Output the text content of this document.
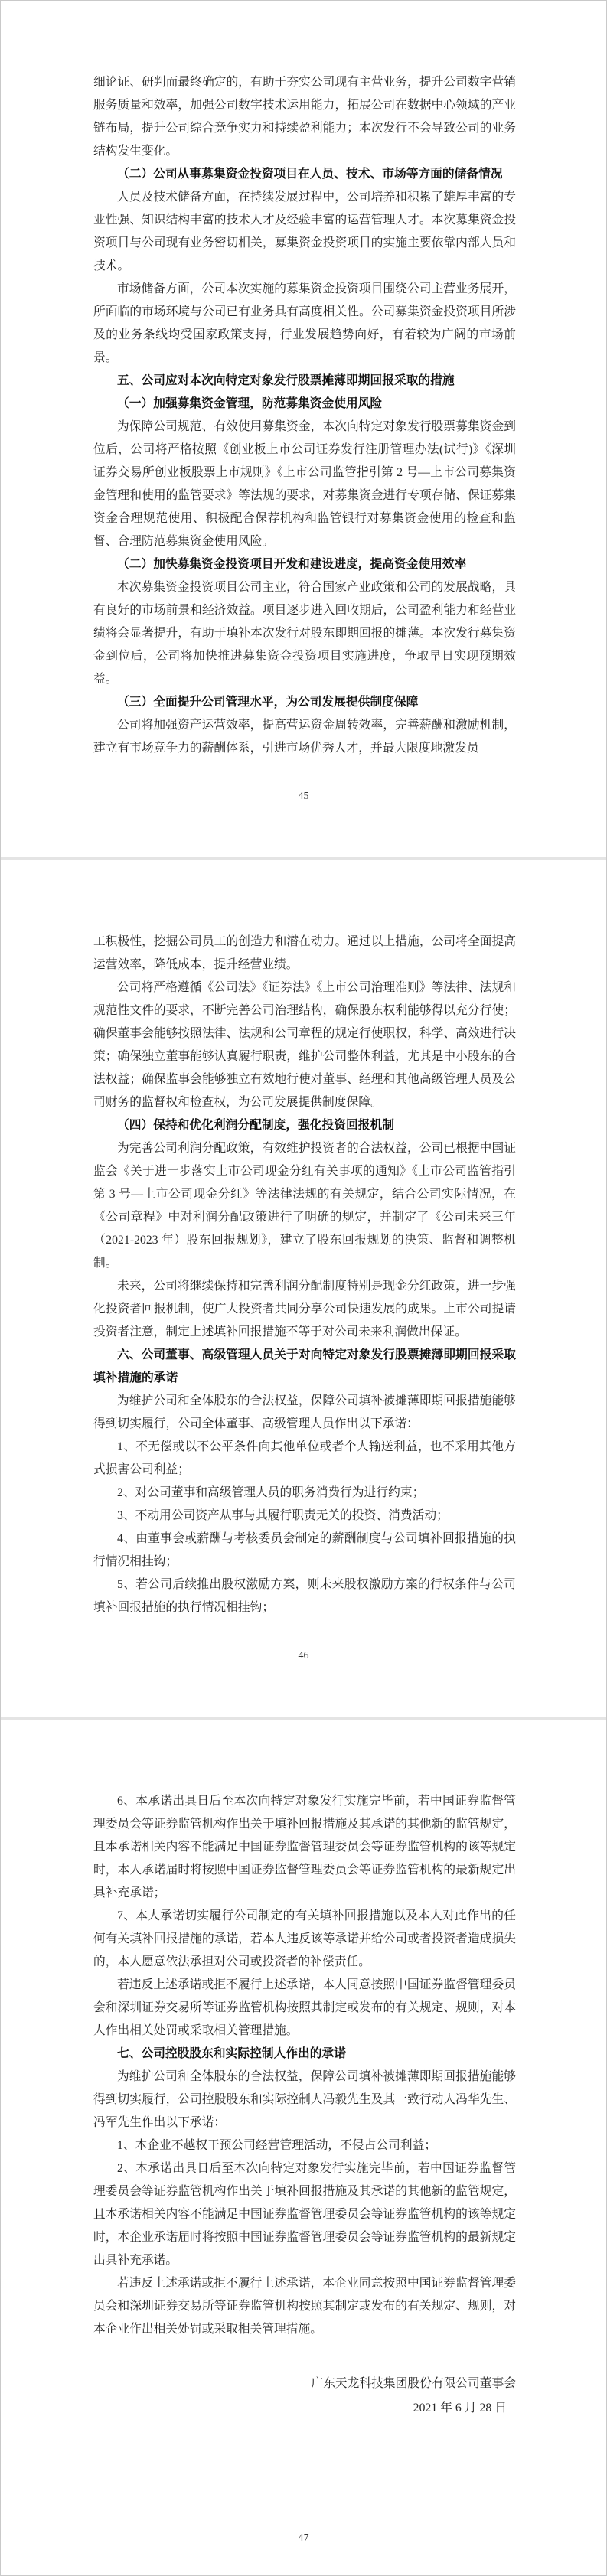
细论证、研判而最终确定的，有助于夯实公司现有主营业务，提升公司数字营销服务质量和效率，加强公司数字技术运用能力，拓展公司在数据中心领域的产业链布局，提升公司综合竞争实力和持续盈利能力；本次发行不会导致公司的业务结构发生变化。

（二）公司从事募集资金投资项目在人员、技术、市场等方面的储备情况

人员及技术储备方面，在持续发展过程中，公司培养和积累了雄厚丰富的专业性强、知识结构丰富的技术人才及经验丰富的运营管理人才。本次募集资金投资项目与公司现有业务密切相关，募集资金投资项目的实施主要依靠内部人员和技术。

市场储备方面，公司本次实施的募集资金投资项目围绕公司主营业务展开，所面临的市场环境与公司已有业务具有高度相关性。公司募集资金投资项目所涉及的业务条线均受国家政策支持，行业发展趋势向好，有着较为广阔的市场前景。

五、公司应对本次向特定对象发行股票摊薄即期回报采取的措施

（一）加强募集资金管理，防范募集资金使用风险

为保障公司规范、有效使用募集资金，本次向特定对象发行股票募集资金到位后，公司将严格按照《创业板上市公司证券发行注册管理办法(试行)》《深圳证券交易所创业板股票上市规则》《上市公司监管指引第 2 号—上市公司募集资金管理和使用的监管要求》等法规的要求，对募集资金进行专项存储、保证募集资金合理规范使用、积极配合保荐机构和监管银行对募集资金使用的检查和监督、合理防范募集资金使用风险。

（二）加快募集资金投资项目开发和建设进度，提高资金使用效率

本次募集资金投资项目公司主业，符合国家产业政策和公司的发展战略，具有良好的市场前景和经济效益。项目逐步进入回收期后，公司盈利能力和经营业绩将会显著提升，有助于填补本次发行对股东即期回报的摊薄。本次发行募集资金到位后，公司将加快推进募集资金投资项目实施进度，争取早日实现预期效益。

（三）全面提升公司管理水平，为公司发展提供制度保障

公司将加强资产运营效率，提高营运资金周转效率，完善薪酬和激励机制，建立有市场竞争力的薪酬体系，引进市场优秀人才，并最大限度地激发员

45

工积极性，挖掘公司员工的创造力和潜在动力。通过以上措施，公司将全面提高运营效率，降低成本，提升经营业绩。

公司将严格遵循《公司法》《证券法》《上市公司治理准则》等法律、法规和规范性文件的要求，不断完善公司治理结构，确保股东权利能够得以充分行使；确保董事会能够按照法律、法规和公司章程的规定行使职权，科学、高效进行决策；确保独立董事能够认真履行职责，维护公司整体利益，尤其是中小股东的合法权益；确保监事会能够独立有效地行使对董事、经理和其他高级管理人员及公司财务的监督权和检查权，为公司发展提供制度保障。

（四）保持和优化利润分配制度，强化投资回报机制

为完善公司利润分配政策，有效维护投资者的合法权益，公司已根据中国证监会《关于进一步落实上市公司现金分红有关事项的通知》《上市公司监管指引第 3 号—上市公司现金分红》等法律法规的有关规定，结合公司实际情况，在《公司章程》中对利润分配政策进行了明确的规定，并制定了《公司未来三年（2021-2023 年）股东回报规划》，建立了股东回报规划的决策、监督和调整机制。

未来，公司将继续保持和完善利润分配制度特别是现金分红政策，进一步强化投资者回报机制，使广大投资者共同分享公司快速发展的成果。上市公司提请投资者注意，制定上述填补回报措施不等于对公司未来利润做出保证。

六、公司董事、高级管理人员关于对向特定对象发行股票摊薄即期回报采取填补措施的承诺

为维护公司和全体股东的合法权益，保障公司填补被摊薄即期回报措施能够得到切实履行，公司全体董事、高级管理人员作出以下承诺：

1、不无偿或以不公平条件向其他单位或者个人输送利益，也不采用其他方式损害公司利益；

2、对公司董事和高级管理人员的职务消费行为进行约束；

3、不动用公司资产从事与其履行职责无关的投资、消费活动；

4、由董事会或薪酬与考核委员会制定的薪酬制度与公司填补回报措施的执行情况相挂钩；

5、若公司后续推出股权激励方案，则未来股权激励方案的行权条件与公司填补回报措施的执行情况相挂钩；

46

6、本承诺出具日后至本次向特定对象发行实施完毕前，若中国证券监督管理委员会等证券监管机构作出关于填补回报措施及其承诺的其他新的监管规定，且本承诺相关内容不能满足中国证券监督管理委员会等证券监管机构的该等规定时，本人承诺届时将按照中国证券监督管理委员会等证券监管机构的最新规定出具补充承诺；

7、本人承诺切实履行公司制定的有关填补回报措施以及本人对此作出的任何有关填补回报措施的承诺，若本人违反该等承诺并给公司或者投资者造成损失的，本人愿意依法承担对公司或投资者的补偿责任。

若违反上述承诺或拒不履行上述承诺，本人同意按照中国证券监督管理委员会和深圳证券交易所等证券监管机构按照其制定或发布的有关规定、规则，对本人作出相关处罚或采取相关管理措施。

七、公司控股股东和实际控制人作出的承诺

为维护公司和全体股东的合法权益，保障公司填补被摊薄即期回报措施能够得到切实履行，公司控股股东和实际控制人冯毅先生及其一致行动人冯华先生、冯军先生作出以下承诺：

1、本企业不越权干预公司经营管理活动，不侵占公司利益；

2、本承诺出具日后至本次向特定对象发行实施完毕前，若中国证券监督管理委员会等证券监管机构作出关于填补回报措施及其承诺的其他新的监管规定，且本承诺相关内容不能满足中国证券监督管理委员会等证券监管机构的该等规定时，本企业承诺届时将按照中国证券监督管理委员会等证券监管机构的最新规定出具补充承诺。

若违反上述承诺或拒不履行上述承诺，本企业同意按照中国证券监督管理委员会和深圳证券交易所等证券监管机构按照其制定或发布的有关规定、规则，对本企业作出相关处罚或采取相关管理措施。

广东天龙科技集团股份有限公司董事会

2021 年 6 月 28 日

47
